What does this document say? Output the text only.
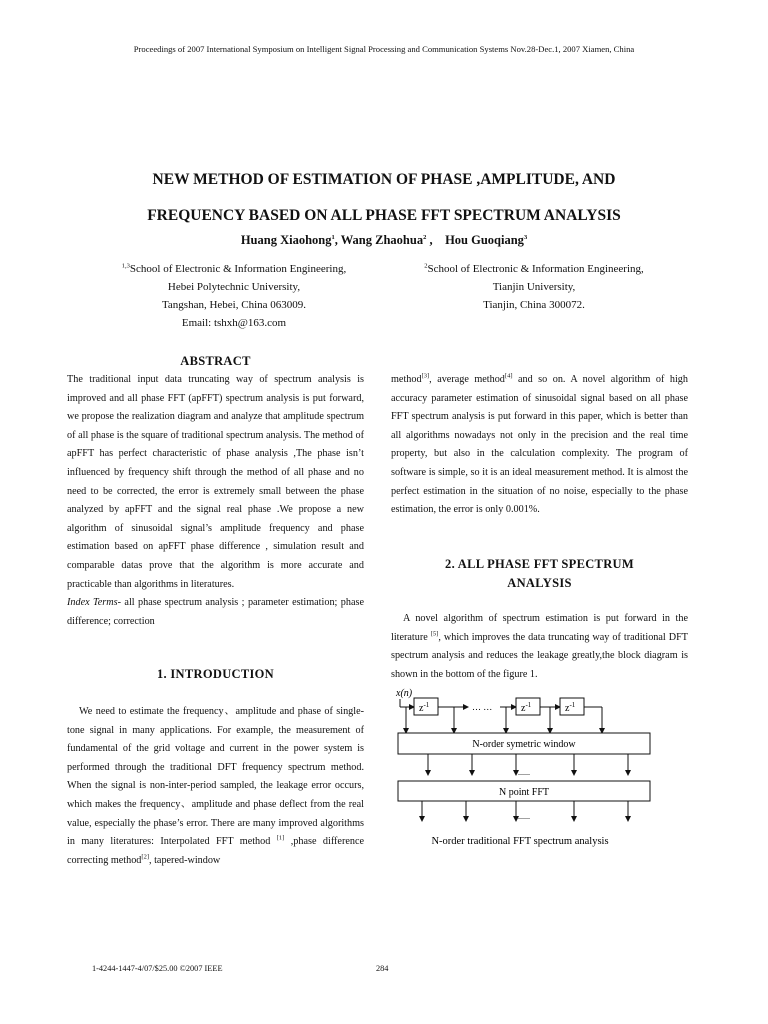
Proceedings of 2007 International Symposium on Intelligent Signal Processing and Communication Systems Nov.28-Dec.1, 2007 Xiamen, China
NEW METHOD OF ESTIMATION OF PHASE ,AMPLITUDE, AND
FREQUENCY BASED ON ALL PHASE FFT SPECTRUM ANALYSIS
Huang Xiaohong$^1$, Wang Zhaohua$^2$ ,    Hou Guoqiang$^3$
$^{1,3}$School of Electronic & Information Engineering,
Hebei Polytechnic University,
Tangshan, Hebei, China 063009.
Email: tshxh@163.com
$^2$School of Electronic & Information Engineering,
Tianjin University,
Tianjin, China 300072.
ABSTRACT

The traditional input data truncating way of spectrum analysis is improved and all phase FFT (apFFT) spectrum analysis is put forward, we propose the realization diagram and analyze that amplitude spectrum of all phase is the square of traditional spectrum analysis. The method of apFFT has perfect characteristic of phase analysis ,The phase isn’t influenced by frequency shift through the method of all phase and no need to be corrected, the error is extremely small between the phase analyzed by apFFT and the signal real phase .We propose a new algorithm of sinusoidal signal’s amplitude frequency and phase estimation based on apFFT phase difference , simulation result and comparable datas prove that the algorithm is more accurate and practicable than algorithms in literatures.

Index Terms- all phase spectrum analysis ; parameter estimation; phase difference; correction

1. INTRODUCTION

We need to estimate the frequency、amplitude and phase of single-tone signal in many applications. For example, the measurement of fundamental of the grid voltage and current in the power system is performed through the traditional DFT frequency spectrum method. When the signal is non-inter-period sampled, the leakage error occurs, which makes the frequency、amplitude and phase deflect from the real value, especially the phase’s error. There are many improved algorithms in many literatures: Interpolated FFT method [1] ,phase difference correcting method[2], tapered-window

method[3], average method[4] and so on. A novel algorithm of high accuracy parameter estimation of sinusoidal signal based on all phase FFT spectrum analysis is put forward in this paper, which is better than all algorithms nowadays not only in the precision and the real time property, but also in the calculation complexity. The program of software is simple, so it is an ideal measurement method. It is almost the perfect estimation in the situation of no noise, especially to the phase estimation, the error is only 0.001%.

2. ALL PHASE FFT SPECTRUM
ANALYSIS

A novel algorithm of spectrum estimation is put forward in the literature [5], which improves the data truncating way of traditional DFT spectrum analysis and reduces the leakage greatly,the block diagram is shown in the bottom of the figure 1.

x(n)
$z^{-1}$	… …	$z^{-1}$	$z^{-1}$
N-order symetric window
......
N point FFT
......
N-order traditional FFT spectrum analysis
1-4244-1447-4/07/$25.00 ©2007 IEEE	284
